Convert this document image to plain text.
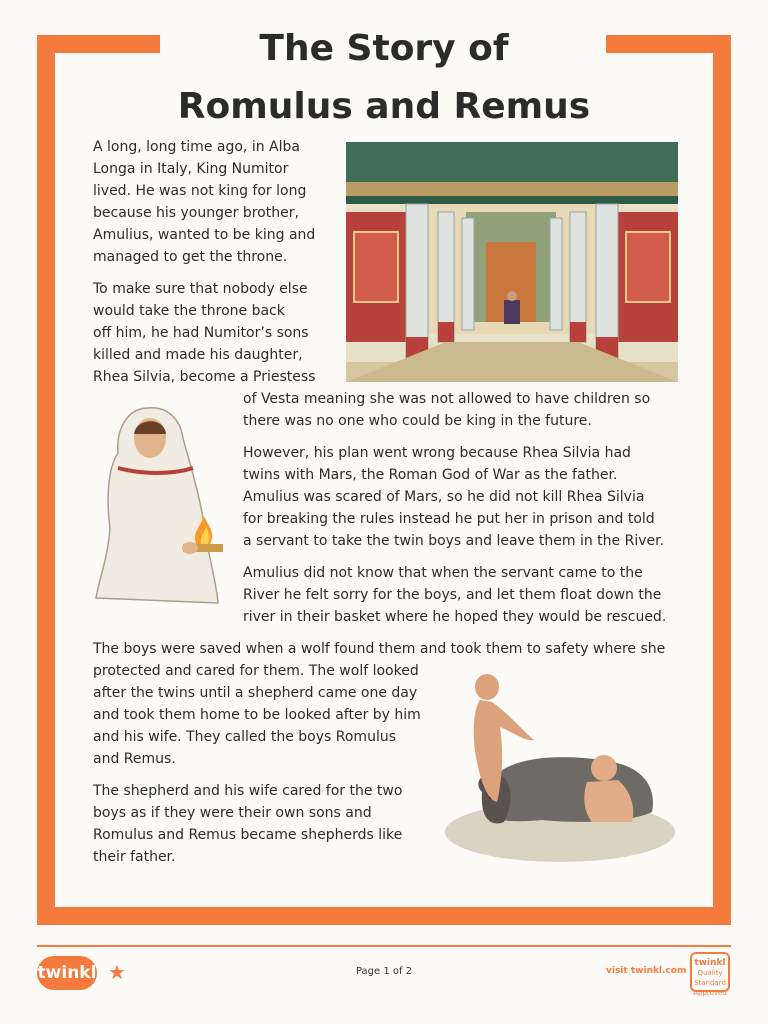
The Story of
Romulus and Remus

A long, long time ago, in Alba

Longa in Italy, King Numitor

lived. He was not king for long

because his younger brother,

Amulius, wanted to be king and

managed to get the throne.

To make sure that nobody else

would take the throne back

off him, he had Numitor’s sons

killed and made his daughter,

Rhea Silvia, become a Priestess

of Vesta meaning she was not allowed to have children so

there was no one who could be king in the future.

However, his plan went wrong because Rhea Silvia had

twins with Mars, the Roman God of War as the father.

Amulius was scared of Mars, so he did not kill Rhea Silvia

for breaking the rules instead he put her in prison and told

a servant to take the twin boys and leave them in the River.

Amulius did not know that when the servant came to the

River he felt sorry for the boys, and let them float down the

river in their basket where he hoped they would be rescued.

The boys were saved when a wolf found them and took them to safety where she

protected and cared for them. The wolf looked

after the twins until a shepherd came one day

and took them home to be looked after by him

and his wife. They called the boys Romulus

and Remus.

The shepherd and his wife cared for the two

boys as if they were their own sons and

Romulus and Remus became shepherds like

their father.

twinkl ★	Page 1 of 2	visit twinkl.com
twinkl
Quality Standard
Approved
